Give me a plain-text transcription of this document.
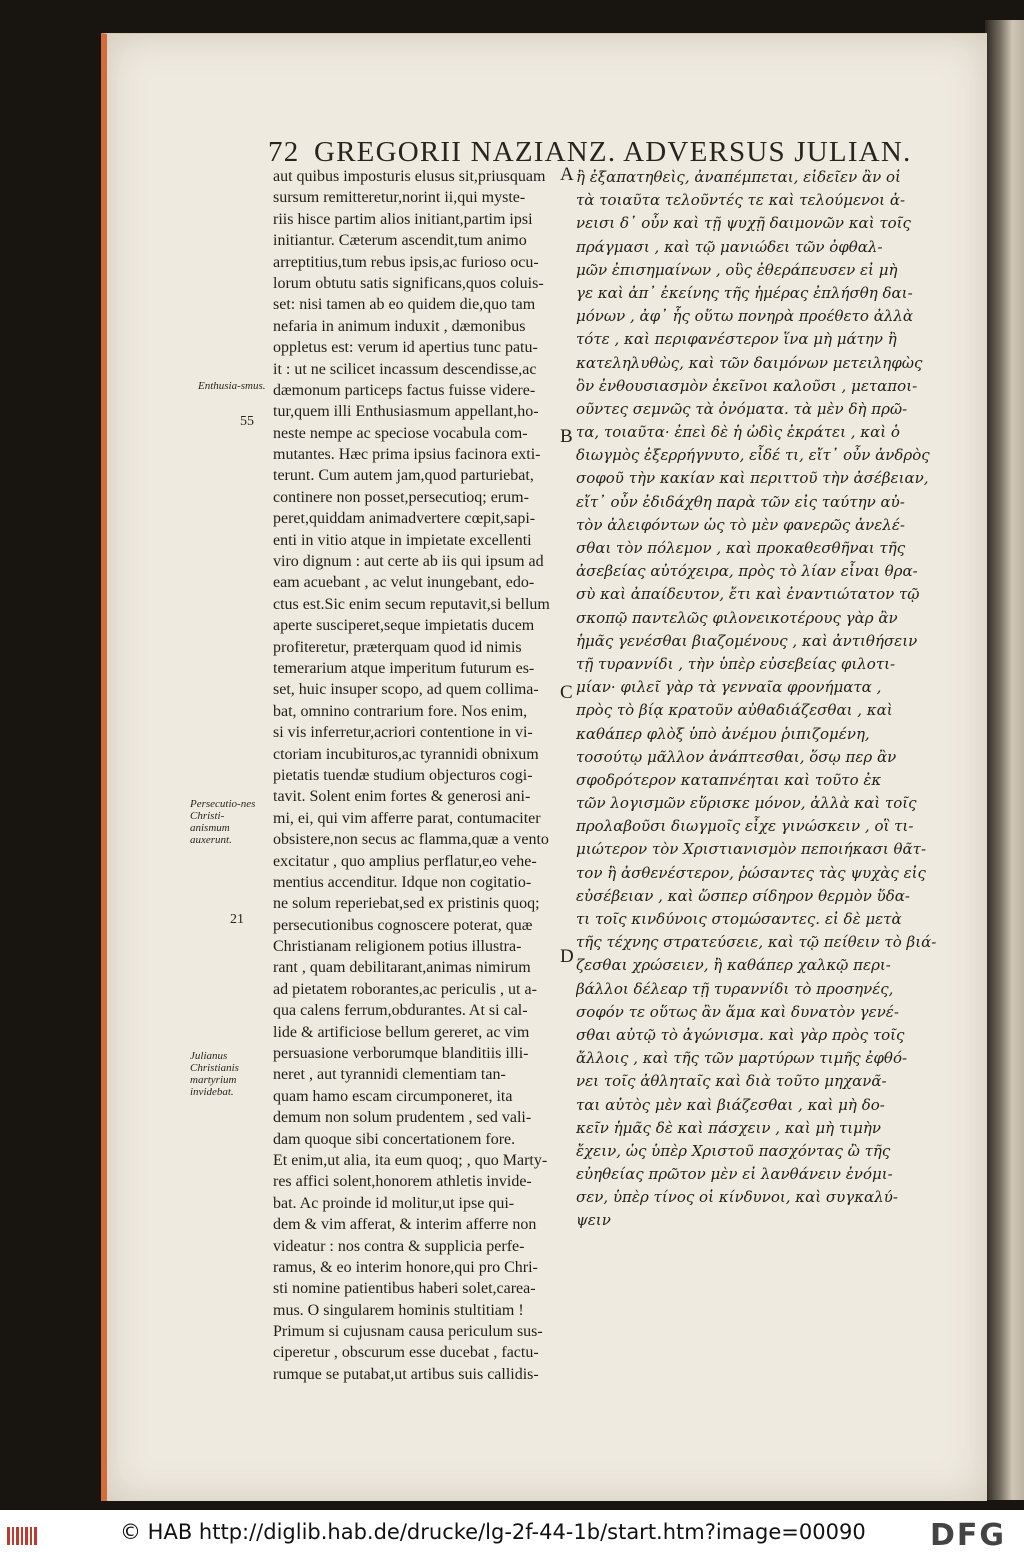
72 GREGORII NAZIANZ. ADVERSUS JULIAN.
aut quibus imposturis elusus sit,priusquam
sursum remitteretur,norint ii,qui myste-
riis hisce partim alios initiant,partim ipsi
initiantur. Cæterum ascendit,tum animo
arreptitius,tum rebus ipsis,ac furioso ocu-
lorum obtutu satis significans,quos coluis-
set: nisi tamen ab eo quidem die,quo tam
nefaria in animum induxit , dæmonibus
oppletus est: verum id apertius tunc patu-
it : ut ne scilicet incassum descendisse,ac
dæmonum particeps factus fuisse videre-
tur,quem illi Enthusiasmum appellant,ho-
neste nempe ac speciose vocabula com-
mutantes. Hæc prima ipsius facinora exti-
terunt. Cum autem jam,quod parturiebat,
continere non posset,persecutioq; erum-
peret,quiddam animadvertere cœpit,sapi-
enti in vitio atque in impietate excellenti
viro dignum : aut certe ab iis qui ipsum ad
eam acuebant , ac velut inungebant, edo-
ctus est.Sic enim secum reputavit,si bellum
aperte susciperet,seque impietatis ducem
profiteretur, præterquam quod id nimis
temerarium atque imperitum futurum es-
set, huic insuper scopo, ad quem collima-
bat, omnino contrarium fore. Nos enim,
si vis inferretur,acriori contentione in vi-
ctoriam incubituros,ac tyrannidi obnixum
pietatis tuendæ studium objecturos cogi-
tavit. Solent enim fortes & generosi ani-
mi, ei, qui vim afferre parat, contumaciter
obsistere,non secus ac flamma,quæ a vento
excitatur , quo amplius perflatur,eo vehe-
mentius accenditur. Idque non cogitatio-
ne solum reperiebat,sed ex pristinis quoq;
persecutionibus cognoscere poterat, quæ
Christianam religionem potius illustra-
rant , quam debilitarant,animas nimirum
ad pietatem roborantes,ac periculis , ut a-
qua calens ferrum,obdurantes. At si cal-
lide & artificiose bellum gereret, ac vim
persuasione verborumque blanditiis illi-
neret , aut tyrannidi clementiam tan-
quam hamo escam circumponeret, ita
demum non solum prudentem , sed vali-
dam quoque sibi concertationem fore.
Et enim,ut alia, ita eum quoq; , quo Marty-
res affici solent,honorem athletis invide-
bat. Ac proinde id molitur,ut ipse qui-
dem & vim afferat, & interim afferre non
videatur : nos contra & supplicia perfe-
ramus, & eo interim honore,qui pro Chri-
sti nomine patientibus haberi solet,carea-
mus. O singularem hominis stultitiam !
Primum si cujusnam causa periculum sus-
ciperetur , obscurum esse ducebat , factu-
rumque se putabat,ut artibus suis callidis-
ἢ ἐξαπατηθεὶς, ἀναπέμπεται, εἰδεῖεν ἂν οἱ
τὰ τοιαῦτα τελοῦντές τε καὶ τελούμενοι ἀ-
νεισι δ᾽ οὖν καὶ τῇ ψυχῇ δαιμονῶν καὶ τοῖς
πράγμασι , καὶ τῷ μανιώδει τῶν ὀφθαλ-
μῶν ἐπισημαίνων , οὓς ἐθεράπευσεν εἰ μὴ
γε καὶ ἀπ᾽ ἐκείνης τῆς ἡμέρας ἐπλήσθη δαι-
μόνων , ἀφ᾽ ἧς οὕτω πονηρὰ προέθετο ἀλλὰ
τότε , καὶ περιφανέστερον ἵνα μὴ μάτην ἢ
κατεληλυθὼς, καὶ τῶν δαιμόνων μετειληφὼς
ὃν ἐνθουσιασμὸν ἐκεῖνοι καλοῦσι , μεταποι-
οῦντες σεμνῶς τὰ ὀνόματα. τὰ μὲν δὴ πρῶ-
τα, τοιαῦτα· ἐπεὶ δὲ ἡ ὠδὶς ἐκράτει , καὶ ὁ
διωγμὸς ἐξερρήγνυτο, εἶδέ τι, εἴτ᾽ οὖν ἀνδρὸς
σοφοῦ τὴν κακίαν καὶ περιττοῦ τὴν ἀσέβειαν,
εἴτ᾽ οὖν ἐδιδάχθη παρὰ τῶν εἰς ταύτην αὐ-
τὸν ἀλειφόντων ὡς τὸ μὲν φανερῶς ἀνελέ-
σθαι τὸν πόλεμον , καὶ προκαθεσθῆναι τῆς
ἀσεβείας αὐτόχειρα, πρὸς τὸ λίαν εἶναι θρα-
σὺ καὶ ἀπαίδευτον, ἔτι καὶ ἐναντιώτατον τῷ
σκοπῷ παντελῶς φιλονεικοτέρους γὰρ ἂν
ἡμᾶς γενέσθαι βιαζομένους , καὶ ἀντιθήσειν
τῇ τυραννίδι , τὴν ὑπὲρ εὐσεβείας φιλοτι-
μίαν· φιλεῖ γὰρ τὰ γενναῖα φρονήματα ,
πρὸς τὸ βίᾳ κρατοῦν αὐθαδιάζεσθαι , καὶ
καθάπερ φλὸξ ὑπὸ ἀνέμου ῥιπιζομένη,
τοσούτῳ μᾶλλον ἀνάπτεσθαι, ὅσῳ περ ἂν
σφοδρότερον καταπνέηται καὶ τοῦτο ἐκ
τῶν λογισμῶν εὕρισκε μόνον, ἀλλὰ καὶ τοῖς
προλαβοῦσι διωγμοῖς εἶχε γινώσκειν , οἳ τι-
μιώτερον τὸν Χριστιανισμὸν πεποιήκασι θᾶτ-
τον ἢ ἀσθενέστερον, ῥώσαντες τὰς ψυχὰς εἰς
εὐσέβειαν , καὶ ὥσπερ σίδηρον θερμὸν ὕδα-
τι τοῖς κινδύνοις στομώσαντες. εἰ δὲ μετὰ
τῆς τέχνης στρατεύσειε, καὶ τῷ πείθειν τὸ βιά-
ζεσθαι χρώσειεν, ἢ καθάπερ χαλκῷ περι-
βάλλοι δέλεαρ τῇ τυραννίδι τὸ προσηνές,
σοφόν τε οὕτως ἂν ἅμα καὶ δυνατὸν γενέ-
σθαι αὐτῷ τὸ ἀγώνισμα. καὶ γὰρ πρὸς τοῖς
ἄλλοις , καὶ τῆς τῶν μαρτύρων τιμῆς ἐφθό-
νει τοῖς ἀθληταῖς καὶ διὰ τοῦτο μηχανᾶ-
ται αὐτὸς μὲν καὶ βιάζεσθαι , καὶ μὴ δο-
κεῖν ἡμᾶς δὲ καὶ πάσχειν , καὶ μὴ τιμὴν
ἔχειν, ὡς ὑπὲρ Χριστοῦ πασχόντας ὢ τῆς
εὐηθείας πρῶτον μὲν εἰ λανθάνειν ἐνόμι-
σεν, ὑπὲρ τίνος οἱ κίνδυνοι, καὶ συγκαλύ-
ψειν
A
B
C
D
Enthusia-smus.
Persecutio-nes Christi-anismum auxerunt.
Julianus Christianis martyrium invidebat.
55
21
© HAB http://diglib.hab.de/drucke/lg-2f-44-1b/start.htm?image=00090 DFG
